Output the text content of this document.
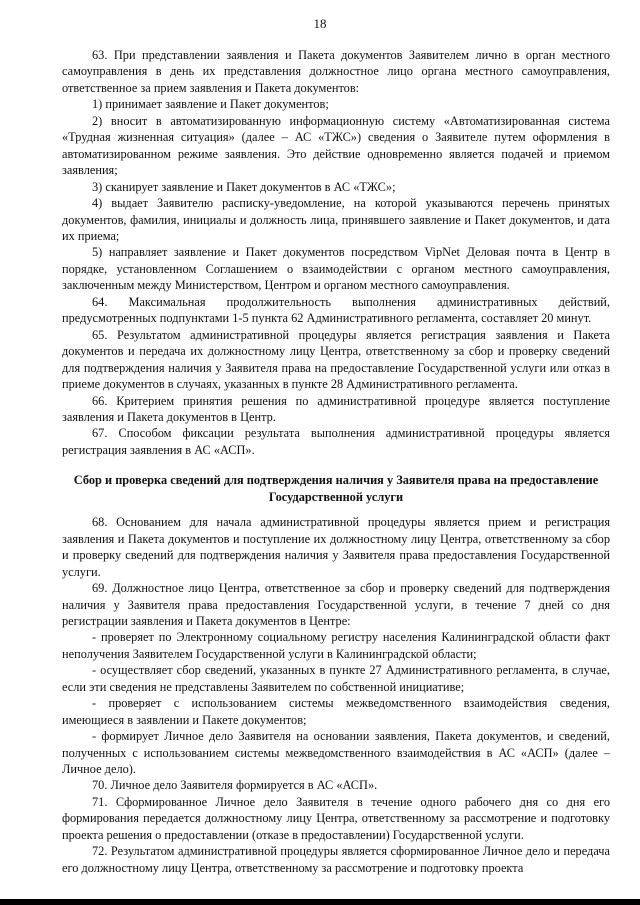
18

63. При представлении заявления и Пакета документов Заявителем лично в орган местного самоуправления в день их представления должностное лицо органа местного самоуправления, ответственное за прием заявления и Пакета документов:

1) принимает заявление и Пакет документов;

2) вносит в автоматизированную информационную систему «Автоматизированная система «Трудная жизненная ситуация» (далее – АС «ТЖС») сведения о Заявителе путем оформления в автоматизированном режиме заявления. Это действие одновременно является подачей и приемом заявления;

3) сканирует заявление и Пакет документов в АС «ТЖС»;

4) выдает Заявителю расписку-уведомление, на которой указываются перечень принятых документов, фамилия, инициалы и должность лица, принявшего заявление и Пакет документов, и дата их приема;

5) направляет заявление и Пакет документов посредством VipNet Деловая почта в Центр в порядке, установленном Соглашением о взаимодействии с органом местного самоуправления, заключенным между Министерством, Центром и органом местного самоуправления.

64. Максимальная продолжительность выполнения административных действий, предусмотренных подпунктами 1-5 пункта 62 Административного регламента, составляет 20 минут.

65. Результатом административной процедуры является регистрация заявления и Пакета документов и передача их должностному лицу Центра, ответственному за сбор и проверку сведений для подтверждения наличия у Заявителя права на предоставление Государственной услуги или отказ в приеме документов в случаях, указанных в пункте 28 Административного регламента.

66. Критерием принятия решения по административной процедуре является поступление заявления и Пакета документов в Центр.

67. Способом фиксации результата выполнения административной процедуры является регистрация заявления в АС «АСП».

Сбор и проверка сведений для подтверждения наличия у Заявителя права на предоставление Государственной услуги

68. Основанием для начала административной процедуры является прием и регистрация заявления и Пакета документов и поступление их должностному лицу Центра, ответственному за сбор и проверку сведений для подтверждения наличия у Заявителя права предоставления Государственной услуги.

69. Должностное лицо Центра, ответственное за сбор и проверку сведений для подтверждения наличия у Заявителя права предоставления Государственной услуги, в течение 7 дней со дня регистрации заявления и Пакета документов в Центре:

- проверяет по Электронному социальному регистру населения Калининградской области факт неполучения Заявителем Государственной услуги в Калининградской области;

- осуществляет сбор сведений, указанных в пункте 27 Административного регламента, в случае, если эти сведения не представлены Заявителем по собственной инициативе;

- проверяет с использованием системы межведомственного взаимодействия сведения, имеющиеся в заявлении и Пакете документов;

- формирует Личное дело Заявителя на основании заявления, Пакета документов, и сведений, полученных с использованием системы межведомственного взаимодействия в АС «АСП» (далее – Личное дело).

70. Личное дело Заявителя формируется в АС «АСП».

71. Сформированное Личное дело Заявителя в течение одного рабочего дня со дня его формирования передается должностному лицу Центра, ответственному за рассмотрение и подготовку проекта решения о предоставлении (отказе в предоставлении) Государственной услуги.

72. Результатом административной процедуры является сформированное Личное дело и передача его должностному лицу Центра, ответственному за рассмотрение и подготовку проекта
